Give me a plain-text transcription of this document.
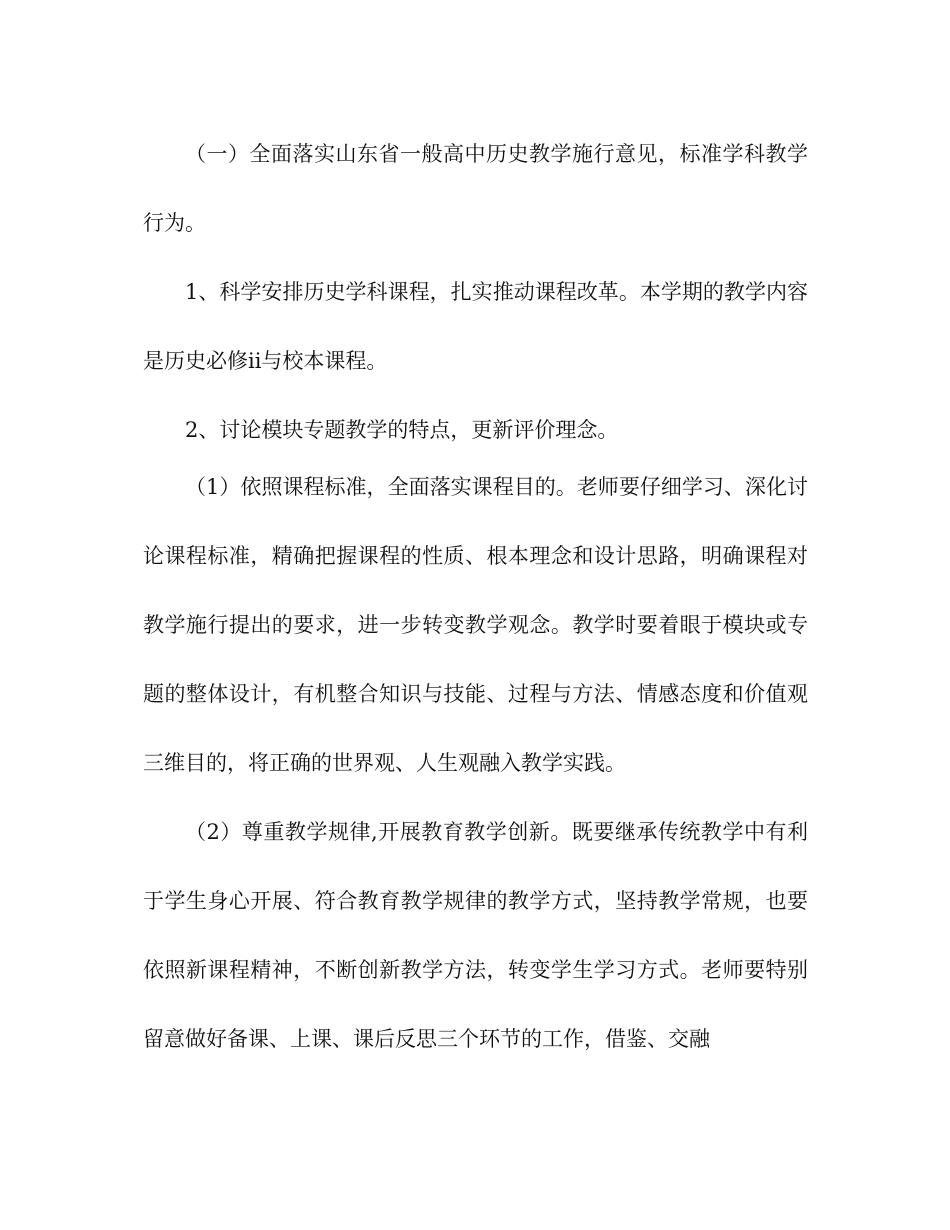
（一）全面落实山东省一般高中历史教学施行意见，标准学科教学行为。

1、科学安排历史学科课程，扎实推动课程改革。本学期的教学内容是历史必修ii与校本课程。

2、讨论模块专题教学的特点，更新评价理念。

（1）依照课程标准，全面落实课程目的。老师要仔细学习、深化讨论课程标准，精确把握课程的性质、根本理念和设计思路，明确课程对教学施行提出的要求，进一步转变教学观念。教学时要着眼于模块或专题的整体设计，有机整合知识与技能、过程与方法、情感态度和价值观三维目的，将正确的世界观、人生观融入教学实践。

（2）尊重教学规律,开展教育教学创新。既要继承传统教学中有利于学生身心开展、符合教育教学规律的教学方式，坚持教学常规，也要依照新课程精神，不断创新教学方法，转变学生学习方式。老师要特别留意做好备课、上课、课后反思三个环节的工作，借鉴、交融
